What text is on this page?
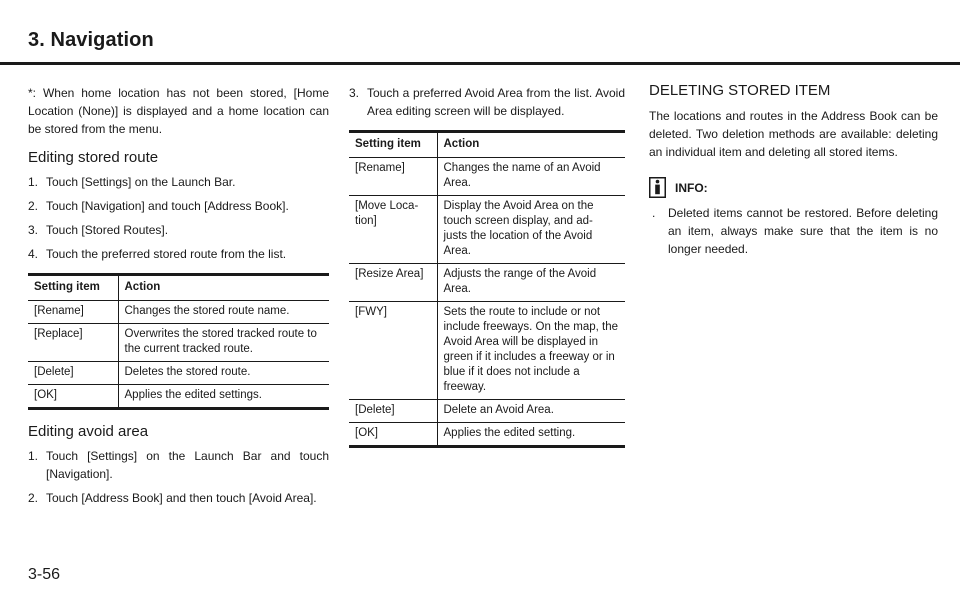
3. Navigation

*: When home location has not been stored, [Home Location (None)] is displayed and a home location can be stored from the menu.

Editing stored route
1. Touch [Settings] on the Launch Bar.
2. Touch [Navigation] and touch [Address Book].
3. Touch [Stored Routes].
4. Touch the preferred stored route from the list.
Setting item	Action
[Rename]	Changes the stored route name.
[Replace]	Overwrites the stored tracked route to the current tracked route.
[Delete]	Deletes the stored route.
[OK]	Applies the edited settings.
Editing avoid area
1. Touch [Settings] on the Launch Bar and touch [Navigation].
2. Touch [Address Book] and then touch [Avoid Area].
3. Touch a preferred Avoid Area from the list. Avoid Area editing screen will be displayed.
Setting item	Action
[Rename]	Changes the name of an Avoid Area.
[Move Loca- tion]	Display the Avoid Area on the touch screen display, and ad- justs the location of the Avoid Area.
[Resize Area]	Adjusts the range of the Avoid Area.
[FWY]	Sets the route to include or not include freeways. On the map, the Avoid Area will be displayed in green if it includes a freeway or in blue if it does not include a freeway.
[Delete]	Delete an Avoid Area.
[OK]	Applies the edited setting.
DELETING STORED ITEM

The locations and routes in the Address Book can be deleted. Two deletion methods are available: deleting an individual item and deleting all stored items.

INFO:
.	Deleted items cannot be restored. Before deleting an item, always make sure that the item is no longer needed.
3-56
